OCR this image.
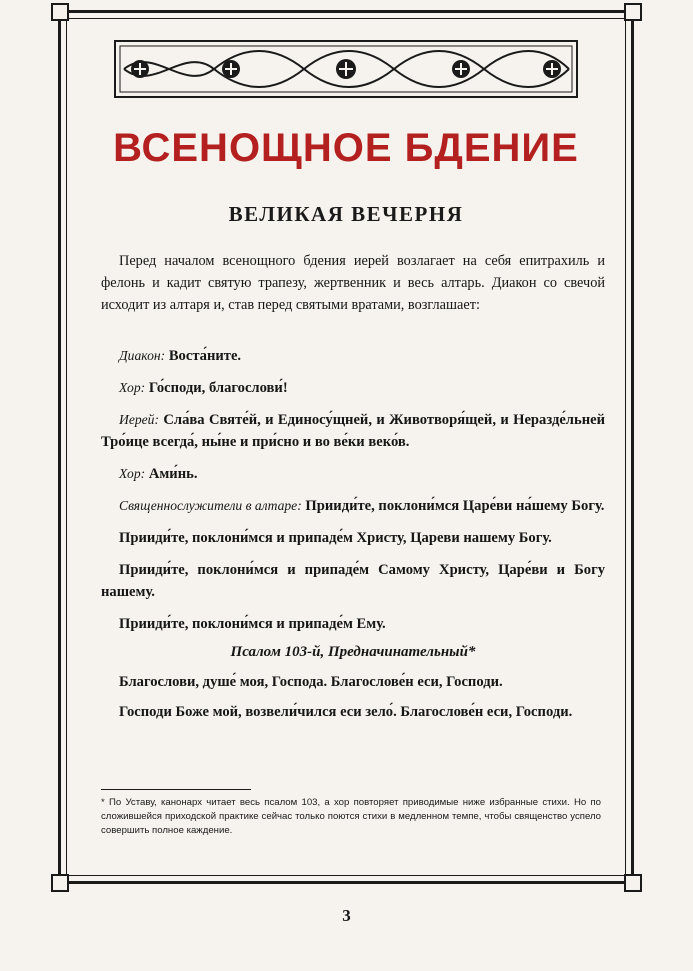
ВСЕНОЩНОЕ БДЕНИЕ
ВЕЛИКАЯ ВЕЧЕРНЯ

Перед началом всенощного бдения иерей возлагает на себя епитрахиль и фелонь и кадит святую трапезу, жертвенник и весь алтарь. Диакон со свечой исходит из алтаря и, став перед святыми вратами, возглашает:

Диакон: Воста́ните.

Хор: Го́споди, благослови́!

Иерей: Сла́ва Святе́й, и Единосу́щней, и Животворя́щей, и Неразде́льней Тро́ице всегда́, ны́не и при́сно и во ве́ки веко́в.

Хор: Ами́нь.

Священнослужители в алтаре: Прииди́те, поклони́мся Царе́ви на́шему Богу.

Прииди́те, поклони́мся и припаде́м Христу, Цареви нашему Богу.

Прииди́те, поклони́мся и припаде́м Самому Христу, Царе́ви и Богу нашему.

Прииди́те, поклони́мся и припаде́м Ему.

Псалом 103-й, Предначинательный*

Благослови, душе́ моя, Господа. Благослове́н еси, Господи.

Господи Боже мой, возвели́чился еси зело́. Благослове́н еси, Господи.

* По Уставу, канонарх читает весь псалом 103, а хор повторяет приводимые ниже избранные стихи. Но по сложившейся приходской практике сейчас только поются стихи в медленном темпе, чтобы священство успело совершить полное каждение.
3
